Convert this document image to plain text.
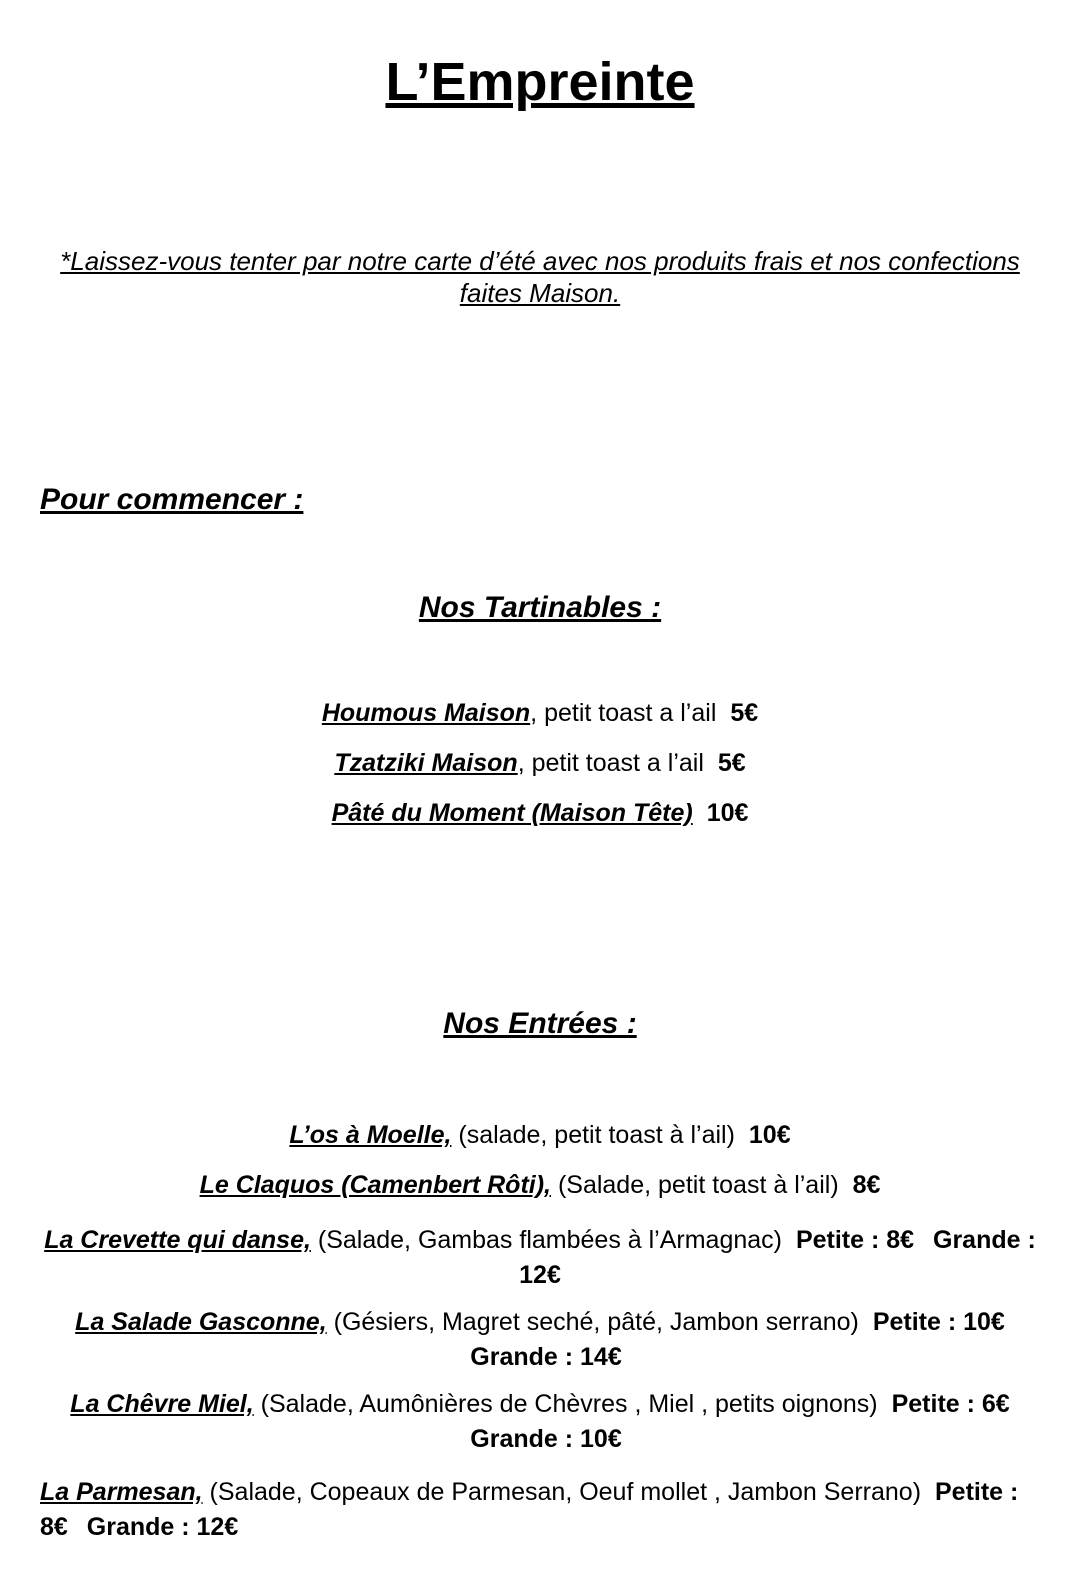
L’Empreinte

*Laissez-vous tenter par notre carte d’été avec nos produits frais et nos confections faites Maison.

Pour commencer :
Nos Tartinables :

Houmous Maison, petit toast a l’ail 5€

Tzatziki Maison, petit toast a l’ail 5€

Pâté du Moment (Maison Tête) 10€

Nos Entrées :

L’os à Moelle, (salade, petit toast à l’ail) 10€

Le Claquos (Camenbert Rôti), (Salade, petit toast à l’ail) 8€

La Crevette qui danse, (Salade, Gambas flambées à l’Armagnac) Petite : 8€ Grande : 12€

La Salade Gasconne, (Gésiers, Magret seché, pâté, Jambon serrano) Petite : 10€ Grande : 14€

La Chêvre Miel, (Salade, Aumônières de Chèvres , Miel , petits oignons) Petite : 6€ Grande : 10€

La Parmesan, (Salade, Copeaux de Parmesan, Oeuf mollet , Jambon Serrano) Petite : 8€ Grande : 12€
